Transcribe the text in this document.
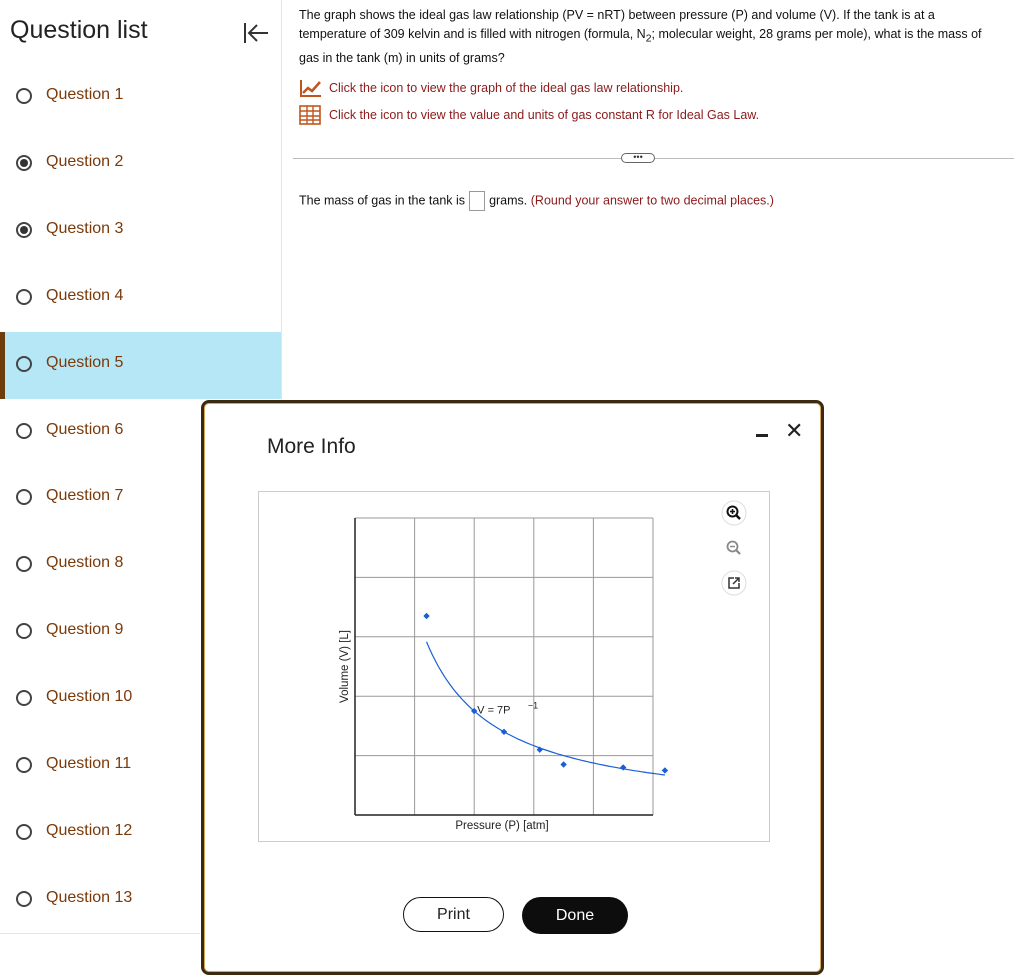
Question list
Question 1
Question 2
Question 3
Question 4
Question 5
Question 6
Question 7
Question 8
Question 9
Question 10
Question 11
Question 12
Question 13
The graph shows the ideal gas law relationship (PV = nRT) between pressure (P) and volume (V). If the tank is at a temperature of 309 kelvin and is filled with nitrogen (formula, $N_2$; molecular weight, 28 grams per mole), what is the mass of gas in the tank (m) in units of grams?
Click the icon to view the graph of the ideal gas law relationship.
Click the icon to view the value and units of gas constant R for Ideal Gas Law.
•••
The mass of gas in the tank is grams. (Round your answer to two decimal places.)
More Info
✕
V = 7P −1
Pressure (P) [atm]
Volume (V) [L]
Print	Done
